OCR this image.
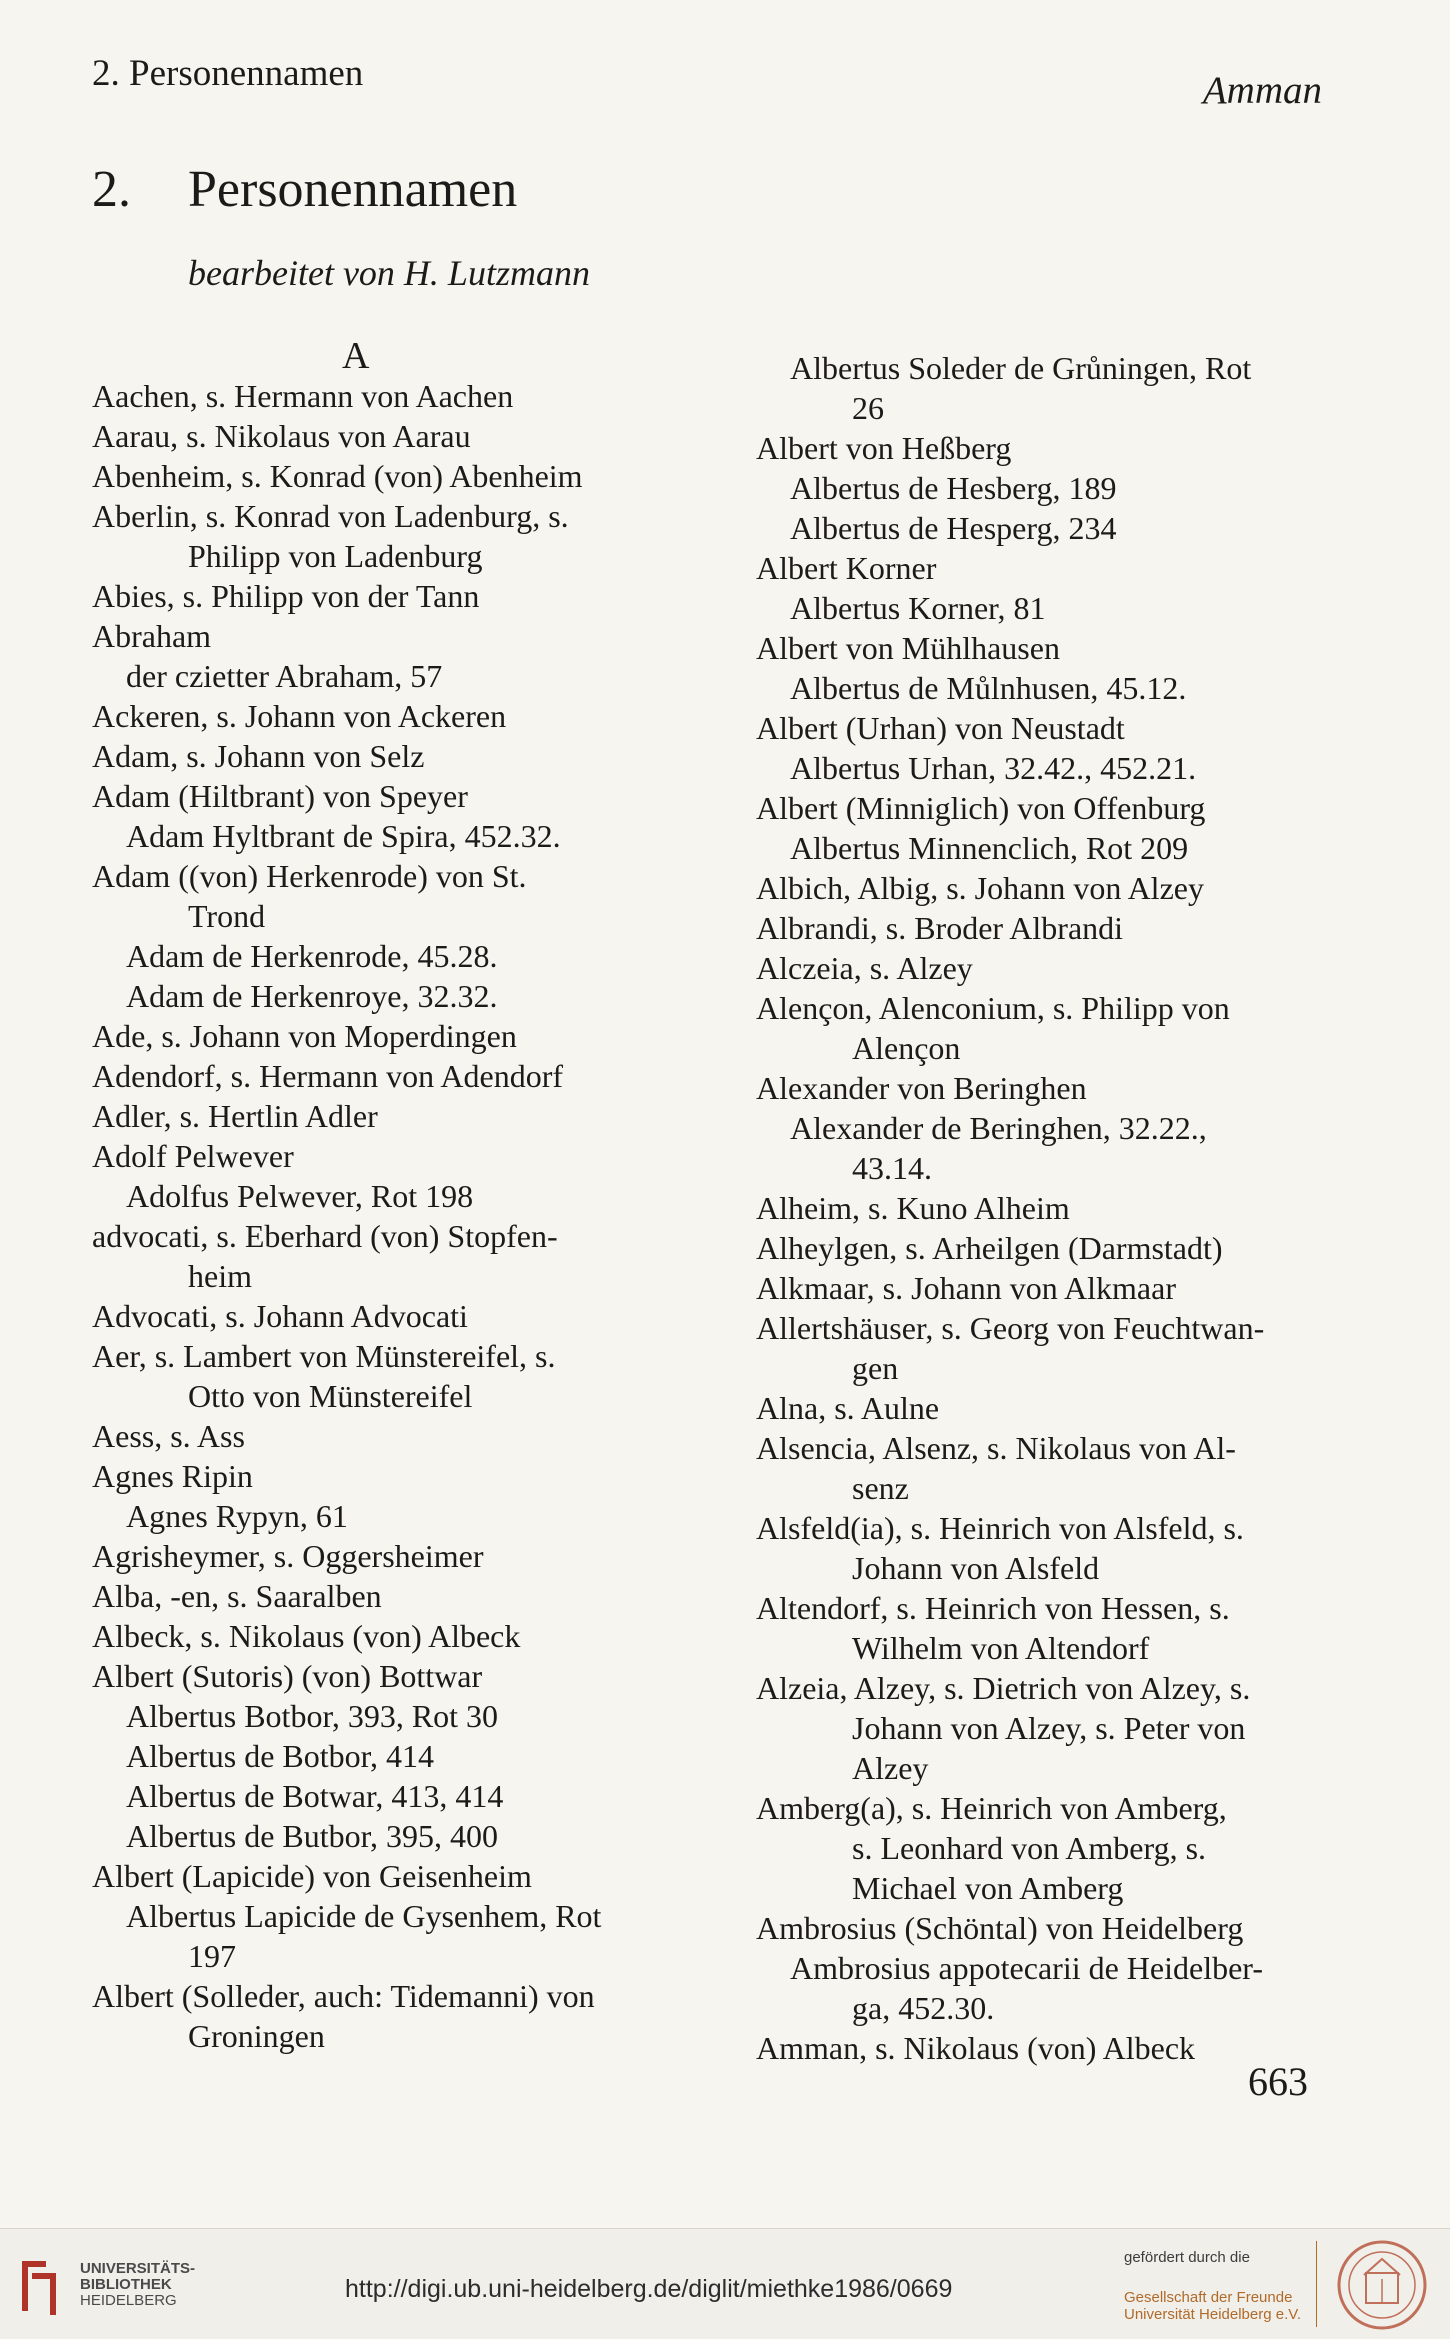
2. Personennamen	Amman
2. Personennamen
bearbeitet von H. Lutzmann
A
Aachen, s. Hermann von Aachen
Aarau, s. Nikolaus von Aarau
Abenheim, s. Konrad (von) Abenheim
Aberlin, s. Konrad von Ladenburg, s.
Philipp von Ladenburg
Abies, s. Philipp von der Tann
Abraham
der czietter Abraham, 57
Ackeren, s. Johann von Ackeren
Adam, s. Johann von Selz
Adam (Hiltbrant) von Speyer
Adam Hyltbrant de Spira, 452.32.
Adam ((von) Herkenrode) von St.
Trond
Adam de Herkenrode, 45.28.
Adam de Herkenroye, 32.32.
Ade, s. Johann von Moperdingen
Adendorf, s. Hermann von Adendorf
Adler, s. Hertlin Adler
Adolf Pelwever
Adolfus Pelwever, Rot 198
advocati, s. Eberhard (von) Stopfen-
heim
Advocati, s. Johann Advocati
Aer, s. Lambert von Münstereifel, s.
Otto von Münstereifel
Aess, s. Ass
Agnes Ripin
Agnes Rypyn, 61
Agrisheymer, s. Oggersheimer
Alba, -en, s. Saaralben
Albeck, s. Nikolaus (von) Albeck
Albert (Sutoris) (von) Bottwar
Albertus Botbor, 393, Rot 30
Albertus de Botbor, 414
Albertus de Botwar, 413, 414
Albertus de Butbor, 395, 400
Albert (Lapicide) von Geisenheim
Albertus Lapicide de Gysenhem, Rot
197
Albert (Solleder, auch: Tidemanni) von
Groningen
Albertus Soleder de Grůningen, Rot
26
Albert von Heßberg
Albertus de Hesberg, 189
Albertus de Hesperg, 234
Albert Korner
Albertus Korner, 81
Albert von Mühlhausen
Albertus de Můlnhusen, 45.12.
Albert (Urhan) von Neustadt
Albertus Urhan, 32.42., 452.21.
Albert (Minniglich) von Offenburg
Albertus Minnenclich, Rot 209
Albich, Albig, s. Johann von Alzey
Albrandi, s. Broder Albrandi
Alczeia, s. Alzey
Alençon, Alenconium, s. Philipp von
Alençon
Alexander von Beringhen
Alexander de Beringhen, 32.22.,
43.14.
Alheim, s. Kuno Alheim
Alheylgen, s. Arheilgen (Darmstadt)
Alkmaar, s. Johann von Alkmaar
Allertshäuser, s. Georg von Feuchtwan-
gen
Alna, s. Aulne
Alsencia, Alsenz, s. Nikolaus von Al-
senz
Alsfeld(ia), s. Heinrich von Alsfeld, s.
Johann von Alsfeld
Altendorf, s. Heinrich von Hessen, s.
Wilhelm von Altendorf
Alzeia, Alzey, s. Dietrich von Alzey, s.
Johann von Alzey, s. Peter von
Alzey
Amberg(a), s. Heinrich von Amberg,
s. Leonhard von Amberg, s.
Michael von Amberg
Ambrosius (Schöntal) von Heidelberg
Ambrosius appotecarii de Heidelber-
ga, 452.30.
Amman, s. Nikolaus (von) Albeck
663
UNIVERSITÄTS-
BIBLIOTHEK
HEIDELBERG	http://digi.ub.uni-heidelberg.de/diglit/miethke1986/0669
gefördert durch die
Gesellschaft der Freunde
Universität Heidelberg e.V.
